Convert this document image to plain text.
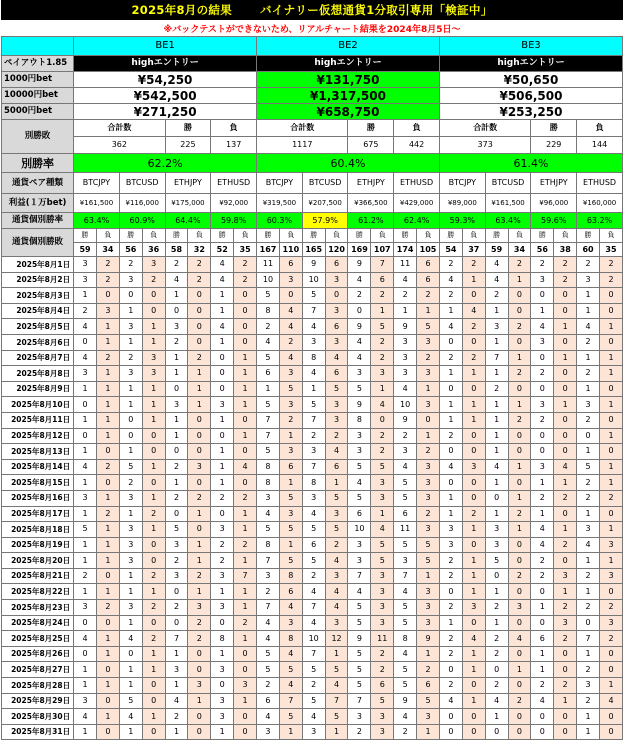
2025年8月の結果 バイナリー仮想通貨1分取引専用「検証中」
※バックテストができないため、リアルチャート結果を2024年8月5日～
	BE1								BE2								BE3							
ペイアウト1.85	highエントリー								highエントリー								highエントリー							
1000円bet	¥54,250								¥131,750								¥50,650							
10000円bet	¥542,500								¥1,317,500								¥506,500							
5000円bet	¥271,250								¥658,750								¥253,250							
別勝敗	合計数				勝		負		合計数				勝		負		合計数				勝		負	
	362				225		137		1117				675		442		373				229		144	
別勝率	62.2%								60.4%								61.4%							
通貨ペア種類	BTCJPY		BTCUSD		ETHJPY		ETHUSD		BTCJPY		BTCUSD		ETHJPY		ETHUSD		BTCJPY		BTCUSD		ETHJPY		ETHUSD	
利益(１万bet)	¥161,500		¥116,000		¥175,000		¥92,000		¥319,500		¥207,500		¥366,500		¥429,000		¥89,000		¥161,500		¥96,000		¥160,000	
通貨個別勝率	63.4%		60.9%		64.4%		59.8%		60.3%		57.9%		61.2%		62.4%		59.3%		63.4%		59.6%		63.2%	
通貨個別勝敗	勝	負	勝	負	勝	負	勝	負	勝	負	勝	負	勝	負	勝	負	勝	負	勝	負	勝	負	勝	負
	59	34	56	36	58	32	52	35	167	110	165	120	169	107	174	105	54	37	59	34	56	38	60	35
2025年8月1日	3	2	2	3	2	2	4	2	11	6	9	6	9	7	11	6	2	2	4	2	2	2	2	2
2025年8月2日	3	2	3	2	4	2	4	2	10	3	10	3	4	6	4	6	4	1	4	1	3	2	3	2
2025年8月3日	1	0	0	0	1	0	1	0	5	0	5	0	2	2	2	2	2	0	2	0	0	0	1	0
2025年8月4日	2	3	1	0	0	0	1	0	8	4	7	3	0	1	1	1	1	4	1	0	1	0	1	0
2025年8月5日	4	1	3	1	3	0	4	0	2	4	4	6	9	5	9	5	4	2	3	2	4	1	4	1
2025年8月6日	0	1	1	1	2	0	1	0	4	2	3	3	4	2	3	3	0	0	1	0	3	0	2	0
2025年8月7日	4	2	2	3	1	2	0	1	5	4	8	4	4	2	3	2	2	2	7	1	0	1	1	1
2025年8月8日	3	1	3	3	1	1	0	1	6	3	4	6	3	3	3	3	1	1	1	2	2	0	2	1
2025年8月9日	1	1	1	1	0	1	0	1	1	5	1	5	5	1	4	1	0	0	2	0	0	0	1	0
2025年8月10日	0	1	1	1	3	1	3	1	5	3	5	3	9	4	10	3	1	1	1	1	3	1	3	1
2025年8月11日	1	1	0	1	1	0	1	0	7	2	7	3	8	0	9	0	1	1	1	2	2	0	2	0
2025年8月12日	0	1	0	0	1	0	0	1	7	1	2	2	3	2	2	1	2	0	1	0	0	0	0	1
2025年8月13日	1	0	1	0	0	0	1	0	5	3	3	4	3	2	3	2	0	0	1	0	0	0	1	0
2025年8月14日	4	2	5	1	2	3	1	4	8	6	7	6	5	5	4	3	4	3	4	1	3	4	5	1
2025年8月15日	1	0	2	0	1	0	1	0	8	1	8	1	4	3	5	3	0	0	1	0	1	1	2	1
2025年8月16日	3	1	3	1	2	2	2	2	3	5	3	5	5	3	5	3	1	0	0	1	2	2	2	2
2025年8月17日	1	2	1	2	0	1	0	1	4	3	4	3	6	1	6	2	1	2	1	2	1	0	1	0
2025年8月18日	5	1	3	1	5	0	3	1	5	5	5	5	10	4	11	3	3	1	3	1	4	1	3	1
2025年8月19日	1	1	3	0	3	1	2	2	8	1	6	2	3	5	5	5	3	0	3	0	4	2	4	3
2025年8月20日	1	1	3	0	2	1	2	1	7	5	5	4	3	5	3	5	2	1	5	0	2	0	1	1
2025年8月21日	2	0	1	2	3	2	3	7	3	8	2	3	7	3	7	1	2	1	0	2	2	3	2	3
2025年8月22日	1	1	1	1	0	1	1	1	2	6	4	4	4	3	4	3	0	1	1	0	0	1	1	0
2025年8月23日	3	2	3	2	2	3	3	1	7	4	7	4	5	3	5	3	2	3	2	3	1	2	2	2
2025年8月24日	0	0	1	0	0	2	0	2	4	3	4	3	5	3	5	3	1	0	1	0	0	3	0	3
2025年8月25日	4	1	4	2	7	2	8	1	4	8	10	12	9	11	8	9	2	4	2	4	6	2	7	2
2025年8月26日	0	1	0	1	1	0	1	0	5	4	7	1	5	2	4	1	2	1	2	0	1	0	1	0
2025年8月27日	1	0	1	1	3	0	3	0	5	5	5	5	5	2	5	2	0	1	0	1	1	0	2	0
2025年8月28日	1	1	1	0	1	3	0	3	2	4	2	4	5	6	5	6	2	0	2	0	2	2	3	1
2025年8月29日	3	0	5	0	4	1	3	1	6	7	5	7	7	5	9	5	4	1	4	2	4	1	2	4
2025年8月30日	4	1	4	1	2	0	3	0	4	5	4	5	3	3	4	3	0	0	1	0	0	0	1	0
2025年8月31日	1	0	1	0	1	0	1	0	3	1	3	1	2	3	2	1	0	0	0	0	0	0	1	0
